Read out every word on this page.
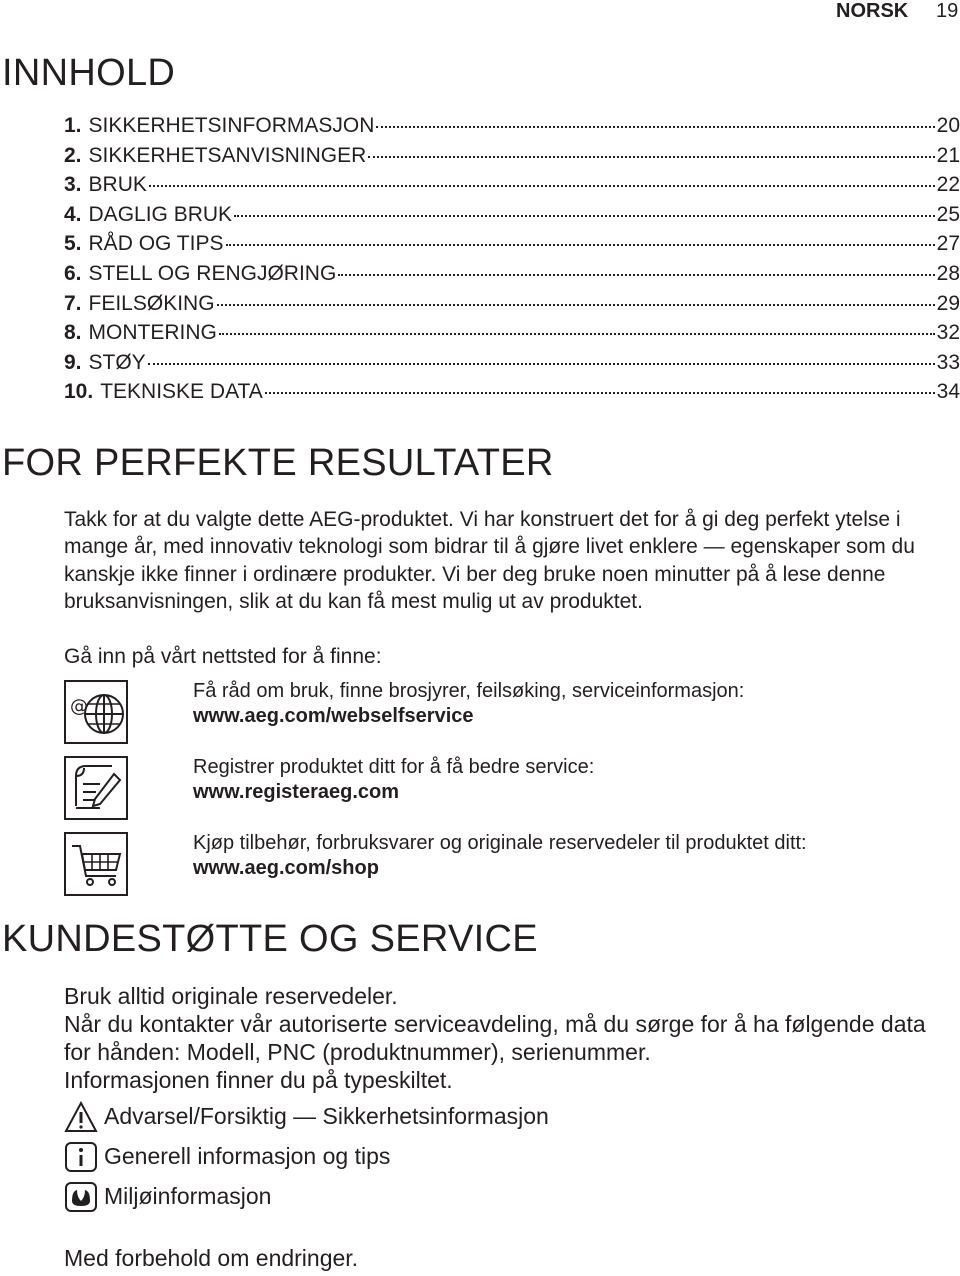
NORSK 19
INNHOLD
1. SIKKERHETSINFORMASJON	20
2. SIKKERHETSANVISNINGER	21
3. BRUK	22
4. DAGLIG BRUK	25
5. RÅD OG TIPS	27
6. STELL OG RENGJØRING	28
7. FEILSØKING	29
8. MONTERING	32
9. STØY	33
10. TEKNISKE DATA	34
FOR PERFEKTE RESULTATER

Takk for at du valgte dette AEG-produktet. Vi har konstruert det for å gi deg perfekt ytelse i mange år, med innovativ teknologi som bidrar til å gjøre livet enklere — egenskaper som du kanskje ikke finner i ordinære produkter. Vi ber deg bruke noen minutter på å lese denne bruksanvisningen, slik at du kan få mest mulig ut av produktet.

Gå inn på vårt nettsted for å finne:

@
Få råd om bruk, finne brosjyrer, feilsøking, serviceinformasjon:
www.aeg.com/webselfservice
Registrer produktet ditt for å få bedre service:
www.registeraeg.com
Kjøp tilbehør, forbruksvarer og originale reservedeler til produktet ditt:
www.aeg.com/shop
KUNDESTØTTE OG SERVICE

Bruk alltid originale reservedeler.

Når du kontakter vår autoriserte serviceavdeling, må du sørge for å ha følgende data for hånden: Modell, PNC (produktnummer), serienummer.

Informasjonen finner du på typeskiltet.

Advarsel/Forsiktig — Sikkerhetsinformasjon
Generell informasjon og tips
Miljøinformasjon
Med forbehold om endringer.
